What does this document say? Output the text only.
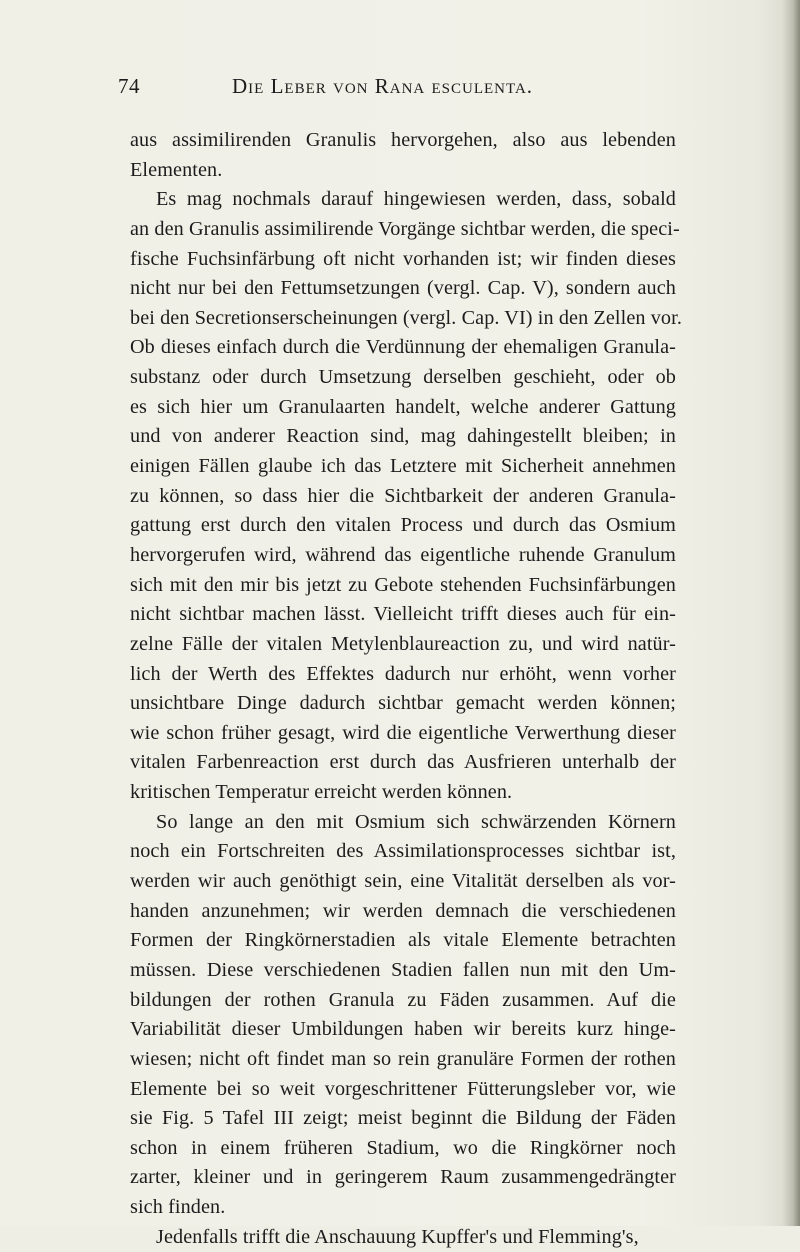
74	Die Leber von Rana esculenta.
aus assimilirenden Granulis hervorgehen, also aus lebenden
Elementen.
Es mag nochmals darauf hingewiesen werden, dass, sobald
an den Granulis assimilirende Vorgänge sichtbar werden, die speci-
fische Fuchsinfärbung oft nicht vorhanden ist; wir finden dieses
nicht nur bei den Fettumsetzungen (vergl. Cap. V), sondern auch
bei den Secretionserscheinungen (vergl. Cap. VI) in den Zellen vor.
Ob dieses einfach durch die Verdünnung der ehemaligen Granula-
substanz oder durch Umsetzung derselben geschieht, oder ob
es sich hier um Granulaarten handelt, welche anderer Gattung
und von anderer Reaction sind, mag dahingestellt bleiben; in
einigen Fällen glaube ich das Letztere mit Sicherheit annehmen
zu können, so dass hier die Sichtbarkeit der anderen Granula-
gattung erst durch den vitalen Process und durch das Osmium
hervorgerufen wird, während das eigentliche ruhende Granulum
sich mit den mir bis jetzt zu Gebote stehenden Fuchsinfärbungen
nicht sichtbar machen lässt. Vielleicht trifft dieses auch für ein-
zelne Fälle der vitalen Metylenblaureaction zu, und wird natür-
lich der Werth des Effektes dadurch nur erhöht, wenn vorher
unsichtbare Dinge dadurch sichtbar gemacht werden können;
wie schon früher gesagt, wird die eigentliche Verwerthung dieser
vitalen Farbenreaction erst durch das Ausfrieren unterhalb der
kritischen Temperatur erreicht werden können.
So lange an den mit Osmium sich schwärzenden Körnern
noch ein Fortschreiten des Assimilationsprocesses sichtbar ist,
werden wir auch genöthigt sein, eine Vitalität derselben als vor-
handen anzunehmen; wir werden demnach die verschiedenen
Formen der Ringkörnerstadien als vitale Elemente betrachten
müssen. Diese verschiedenen Stadien fallen nun mit den Um-
bildungen der rothen Granula zu Fäden zusammen. Auf die
Variabilität dieser Umbildungen haben wir bereits kurz hinge-
wiesen; nicht oft findet man so rein granuläre Formen der rothen
Elemente bei so weit vorgeschrittener Fütterungsleber vor, wie
sie Fig. 5 Tafel III zeigt; meist beginnt die Bildung der Fäden
schon in einem früheren Stadium, wo die Ringkörner noch
zarter, kleiner und in geringerem Raum zusammengedrängter
sich finden.
Jedenfalls trifft die Anschauung Kupffer's und Flemming's,
